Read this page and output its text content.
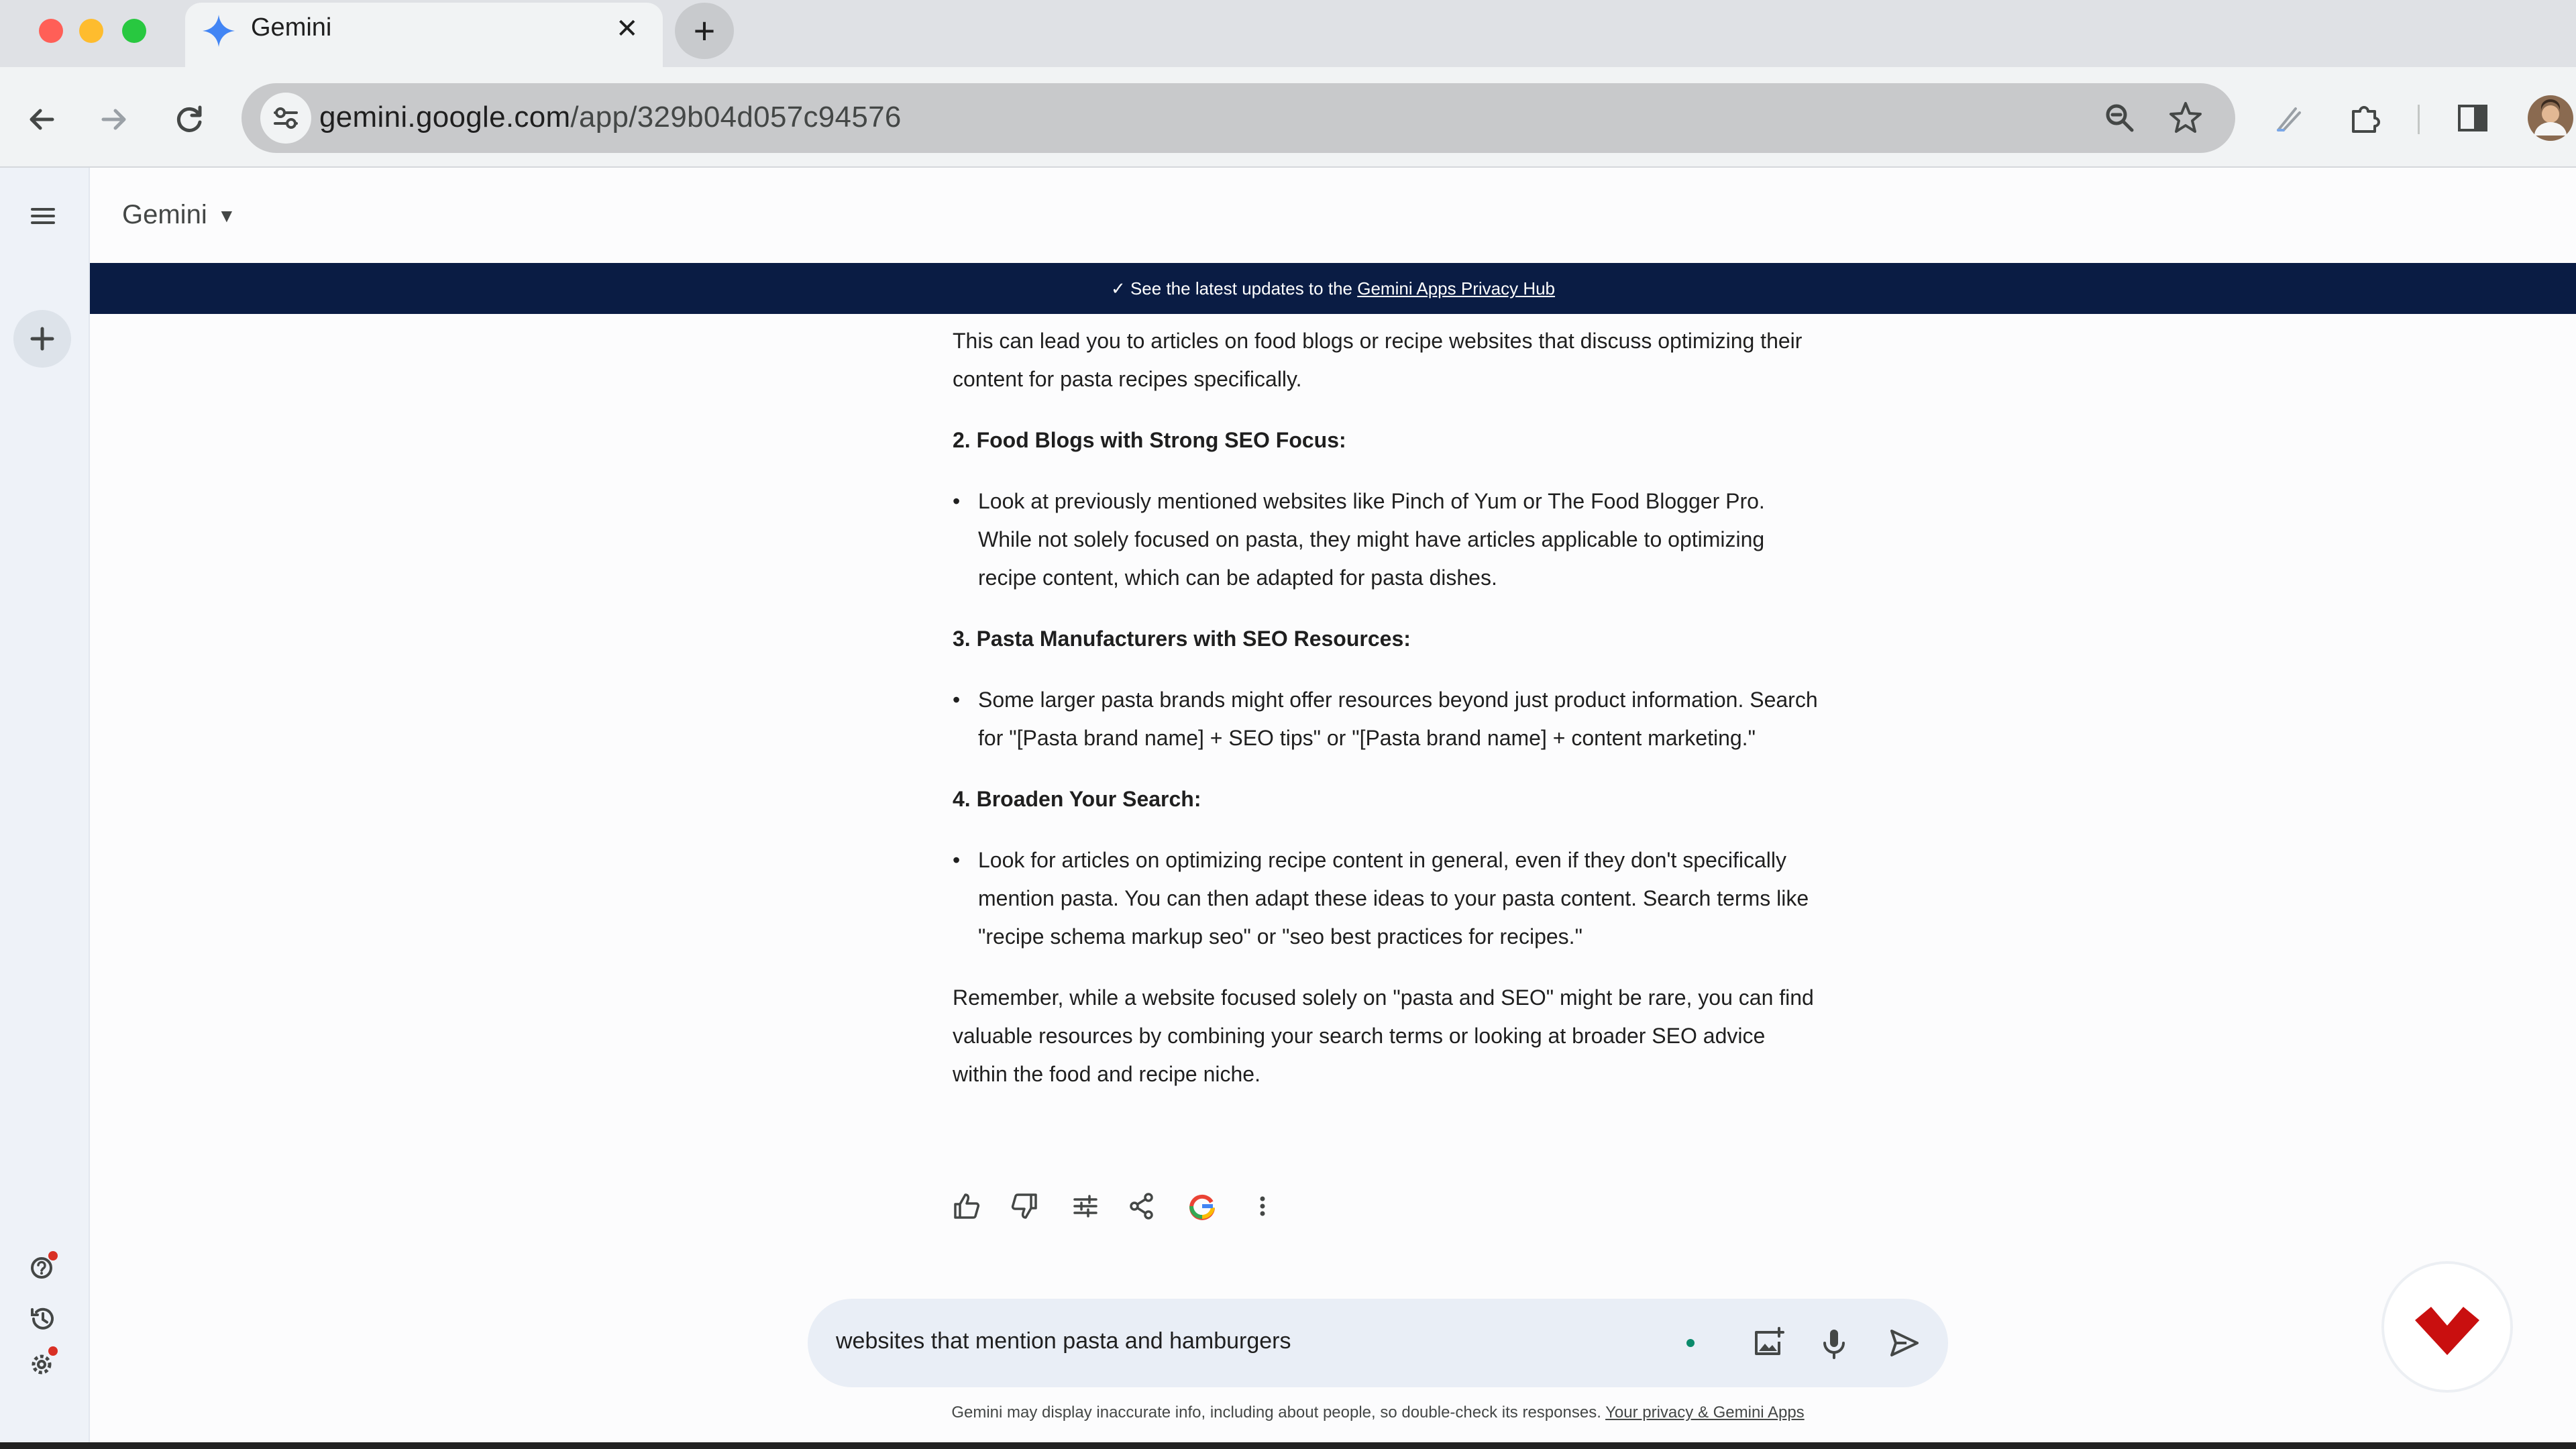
Gemini	✕	+
gemini.google.com/app/329b04d057c94576
Gemini ▼
✓ See the latest updates to the Gemini Apps Privacy Hub

This can lead you to articles on food blogs or recipe websites that discuss optimizing their content for pasta recipes specifically.

2. Food Blogs with Strong SEO Focus:
• Look at previously mentioned websites like Pinch of Yum or The Food Blogger Pro. While not solely focused on pasta, they might have articles applicable to optimizing recipe content, which can be adapted for pasta dishes.
3. Pasta Manufacturers with SEO Resources:
• Some larger pasta brands might offer resources beyond just product information. Search for "[Pasta brand name] + SEO tips" or "[Pasta brand name] + content marketing."
4. Broaden Your Search:
• Look for articles on optimizing recipe content in general, even if they don't specifically mention pasta. You can then adapt these ideas to your pasta content. Search terms like "recipe schema markup seo" or "seo best practices for recipes."

Remember, while a website focused solely on "pasta and SEO" might be rare, you can find valuable resources by combining your search terms or looking at broader SEO advice within the food and recipe niche.

websites that mention pasta and hamburgers
Gemini may display inaccurate info, including about people, so double-check its responses. Your privacy & Gemini Apps
